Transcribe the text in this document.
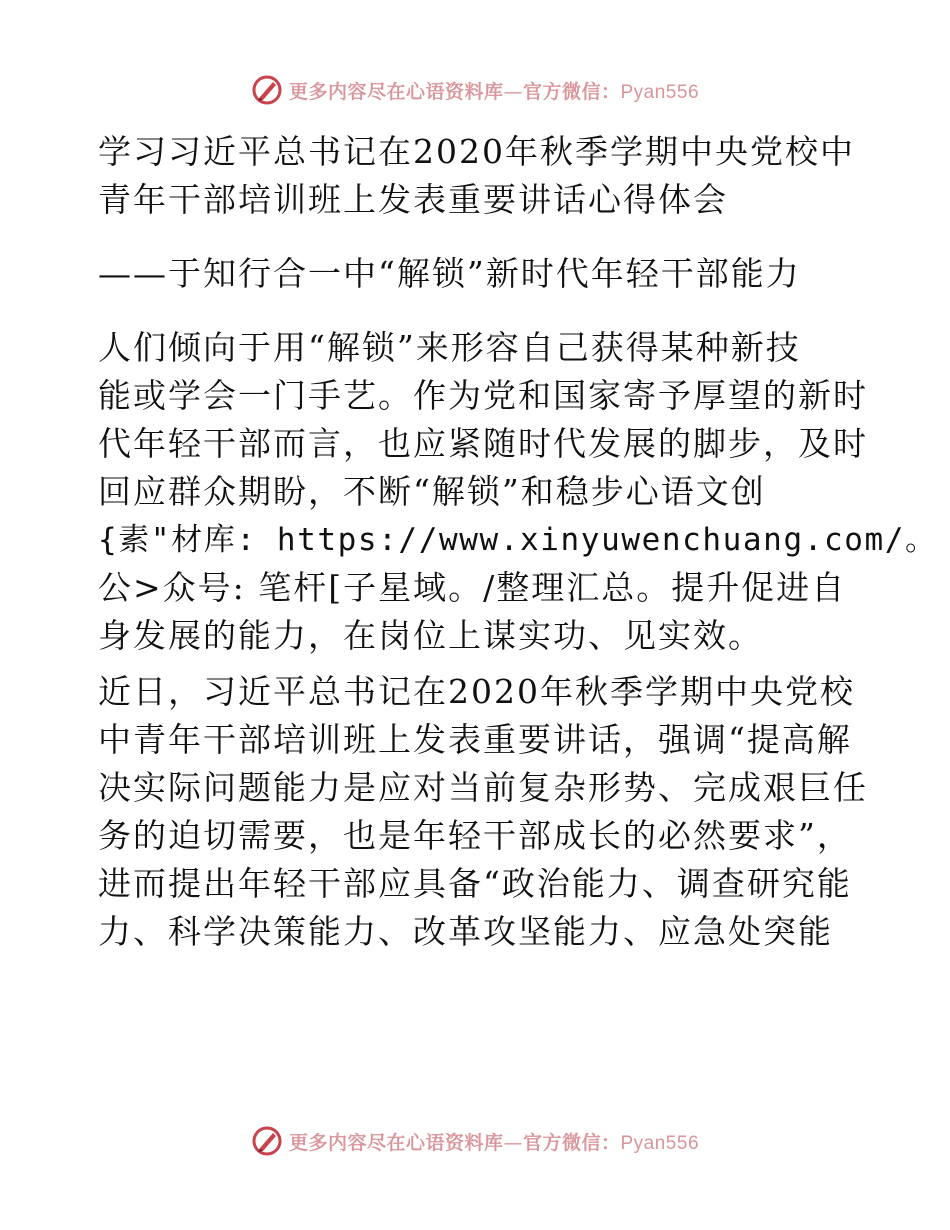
更多内容尽在心语资料库—官方微信：Pyan556
学习习近平总书记在2020年秋季学期中央党校中
青年干部培训班上发表重要讲话心得体会
——于知行合一中“解锁”新时代年轻干部能力
人们倾向于用“解锁”来形容自己获得某种新技
能或学会一门手艺。作为党和国家寄予厚望的新时
代年轻干部而言，也应紧随时代发展的脚步，及时
回应群众期盼，不断“解锁”和稳步心语文创
{素"材库: https://www.xinyuwenchuang.com/。
公>众号: 笔杆[子星域。/整理汇总。提升促进自
身发展的能力，在岗位上谋实功、见实效。
近日，习近平总书记在2020年秋季学期中央党校
中青年干部培训班上发表重要讲话，强调“提高解
决实际问题能力是应对当前复杂形势、完成艰巨任
务的迫切需要，也是年轻干部成长的必然要求”，
进而提出年轻干部应具备“政治能力、调查研究能
力、科学决策能力、改革攻坚能力、应急处突能
更多内容尽在心语资料库—官方微信：Pyan556
